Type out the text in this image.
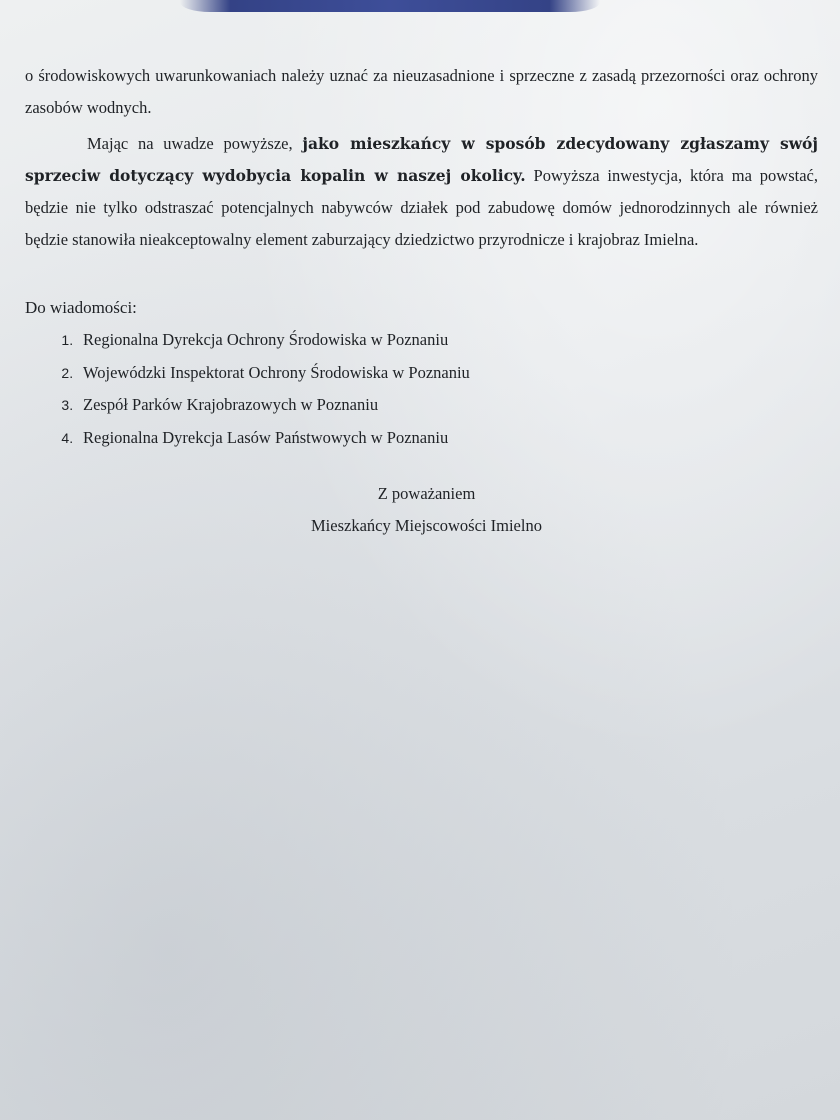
o środowiskowych uwarunkowaniach należy uznać za nieuzasadnione i sprzeczne z zasadą przezorności oraz ochrony zasobów wodnych.

Mając na uwadze powyższe, jako mieszkańcy w sposób zdecydowany zgłaszamy swój sprzeciw dotyczący wydobycia kopalin w naszej okolicy. Powyższa inwestycja, która ma powstać, będzie nie tylko odstraszać potencjalnych nabywców działek pod zabudowę domów jednorodzinnych ale również będzie stanowiła nieakceptowalny element zaburzający dziedzictwo przyrodnicze i krajobraz Imielna.

Do wiadomości:
1. Regionalna Dyrekcja Ochrony Środowiska w Poznaniu
2. Wojewódzki Inspektorat Ochrony Środowiska w Poznaniu
3. Zespół Parków Krajobrazowych w Poznaniu
4. Regionalna Dyrekcja Lasów Państwowych w Poznaniu
Z poważaniem
Mieszkańcy Miejscowości Imielno
